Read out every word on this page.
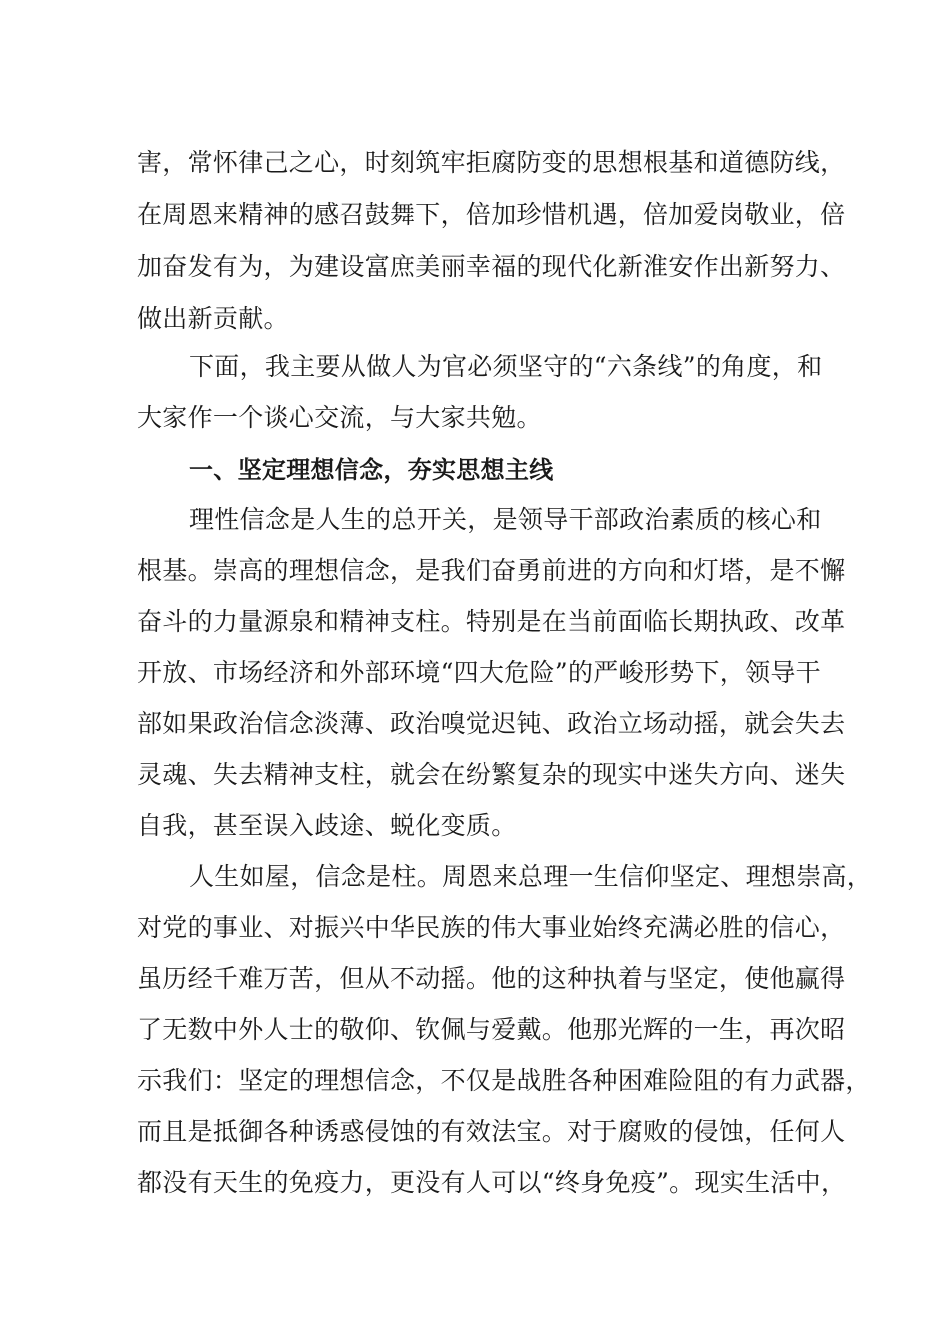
害，常怀律己之心，时刻筑牢拒腐防变的思想根基和道德防线，
在周恩来精神的感召鼓舞下，倍加珍惜机遇，倍加爱岗敬业，倍
加奋发有为，为建设富庶美丽幸福的现代化新淮安作出新努力、
做出新贡献。
下面，我主要从做人为官必须坚守的“六条线”的角度，和
大家作一个谈心交流，与大家共勉。
一、坚定理想信念，夯实思想主线
理性信念是人生的总开关，是领导干部政治素质的核心和
根基。崇高的理想信念，是我们奋勇前进的方向和灯塔，是不懈
奋斗的力量源泉和精神支柱。特别是在当前面临长期执政、改革
开放、市场经济和外部环境“四大危险”的严峻形势下，领导干
部如果政治信念淡薄、政治嗅觉迟钝、政治立场动摇，就会失去
灵魂、失去精神支柱，就会在纷繁复杂的现实中迷失方向、迷失
自我，甚至误入歧途、蜕化变质。
人生如屋，信念是柱。周恩来总理一生信仰坚定、理想崇高，
对党的事业、对振兴中华民族的伟大事业始终充满必胜的信心，
虽历经千难万苦，但从不动摇。他的这种执着与坚定，使他赢得
了无数中外人士的敬仰、钦佩与爱戴。他那光辉的一生，再次昭
示我们：坚定的理想信念，不仅是战胜各种困难险阻的有力武器，
而且是抵御各种诱惑侵蚀的有效法宝。对于腐败的侵蚀，任何人
都没有天生的免疫力，更没有人可以“终身免疫”。现实生活中，
